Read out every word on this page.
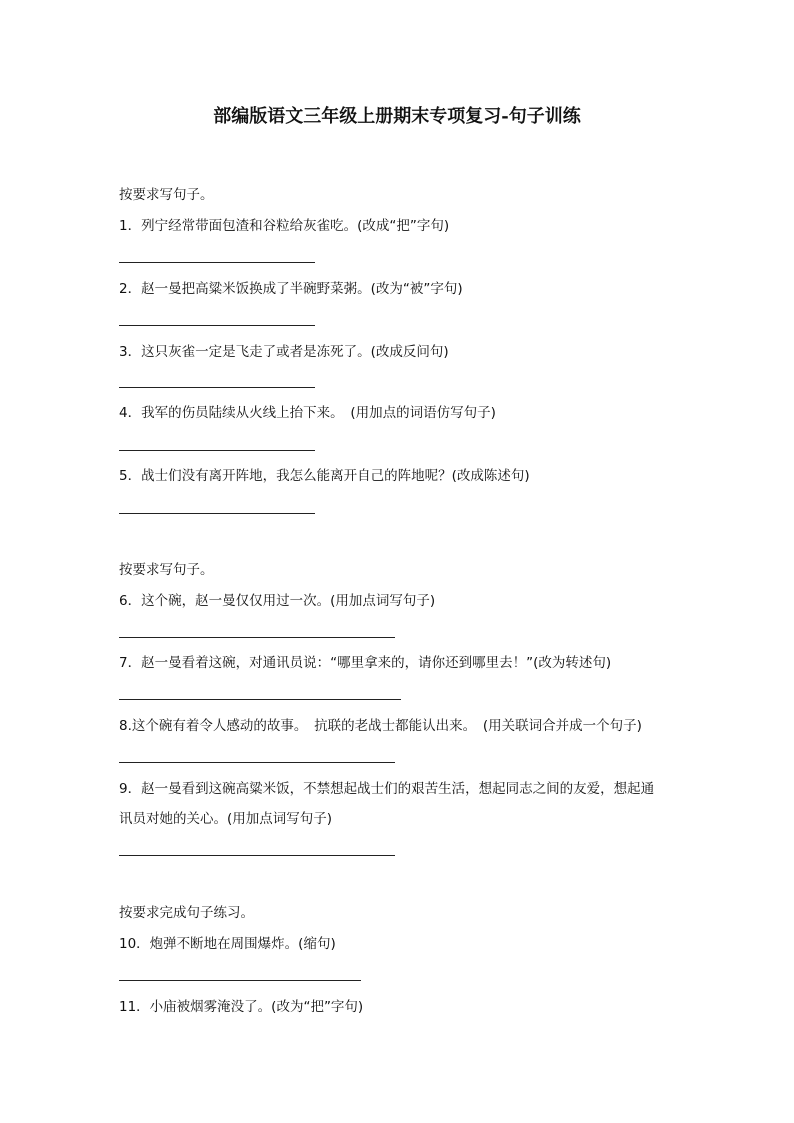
部编版语文三年级上册期末专项复习-句子训练
按要求写句子。
1．列宁经常带面包渣和谷粒给灰雀吃。(改成“把”字句)
2．赵一曼把高粱米饭换成了半碗野菜粥。(改为“被”字句)
3．这只灰雀一定是飞走了或者是冻死了。(改成反问句)
4．我军的伤员陆续从火线上抬下来。　(用加点的词语仿写句子)
5．战士们没有离开阵地，我怎么能离开自己的阵地呢？(改成陈述句)
按要求写句子。
6．这个碗，赵一曼仅仅用过一次。(用加点词写句子)
7．赵一曼看着这碗，对通讯员说：“哪里拿来的，请你还到哪里去！”(改为转述句)
8.这个碗有着令人感动的故事。　抗联的老战士都能认出来。　(用关联词合并成一个句子)
9．赵一曼看到这碗高粱米饭，不禁想起战士们的艰苦生活，想起同志之间的友爱，想起通
讯员对她的关心。(用加点词写句子)
按要求完成句子练习。
10．炮弹不断地在周围爆炸。(缩句)
11．小庙被烟雾淹没了。(改为“把”字句)
